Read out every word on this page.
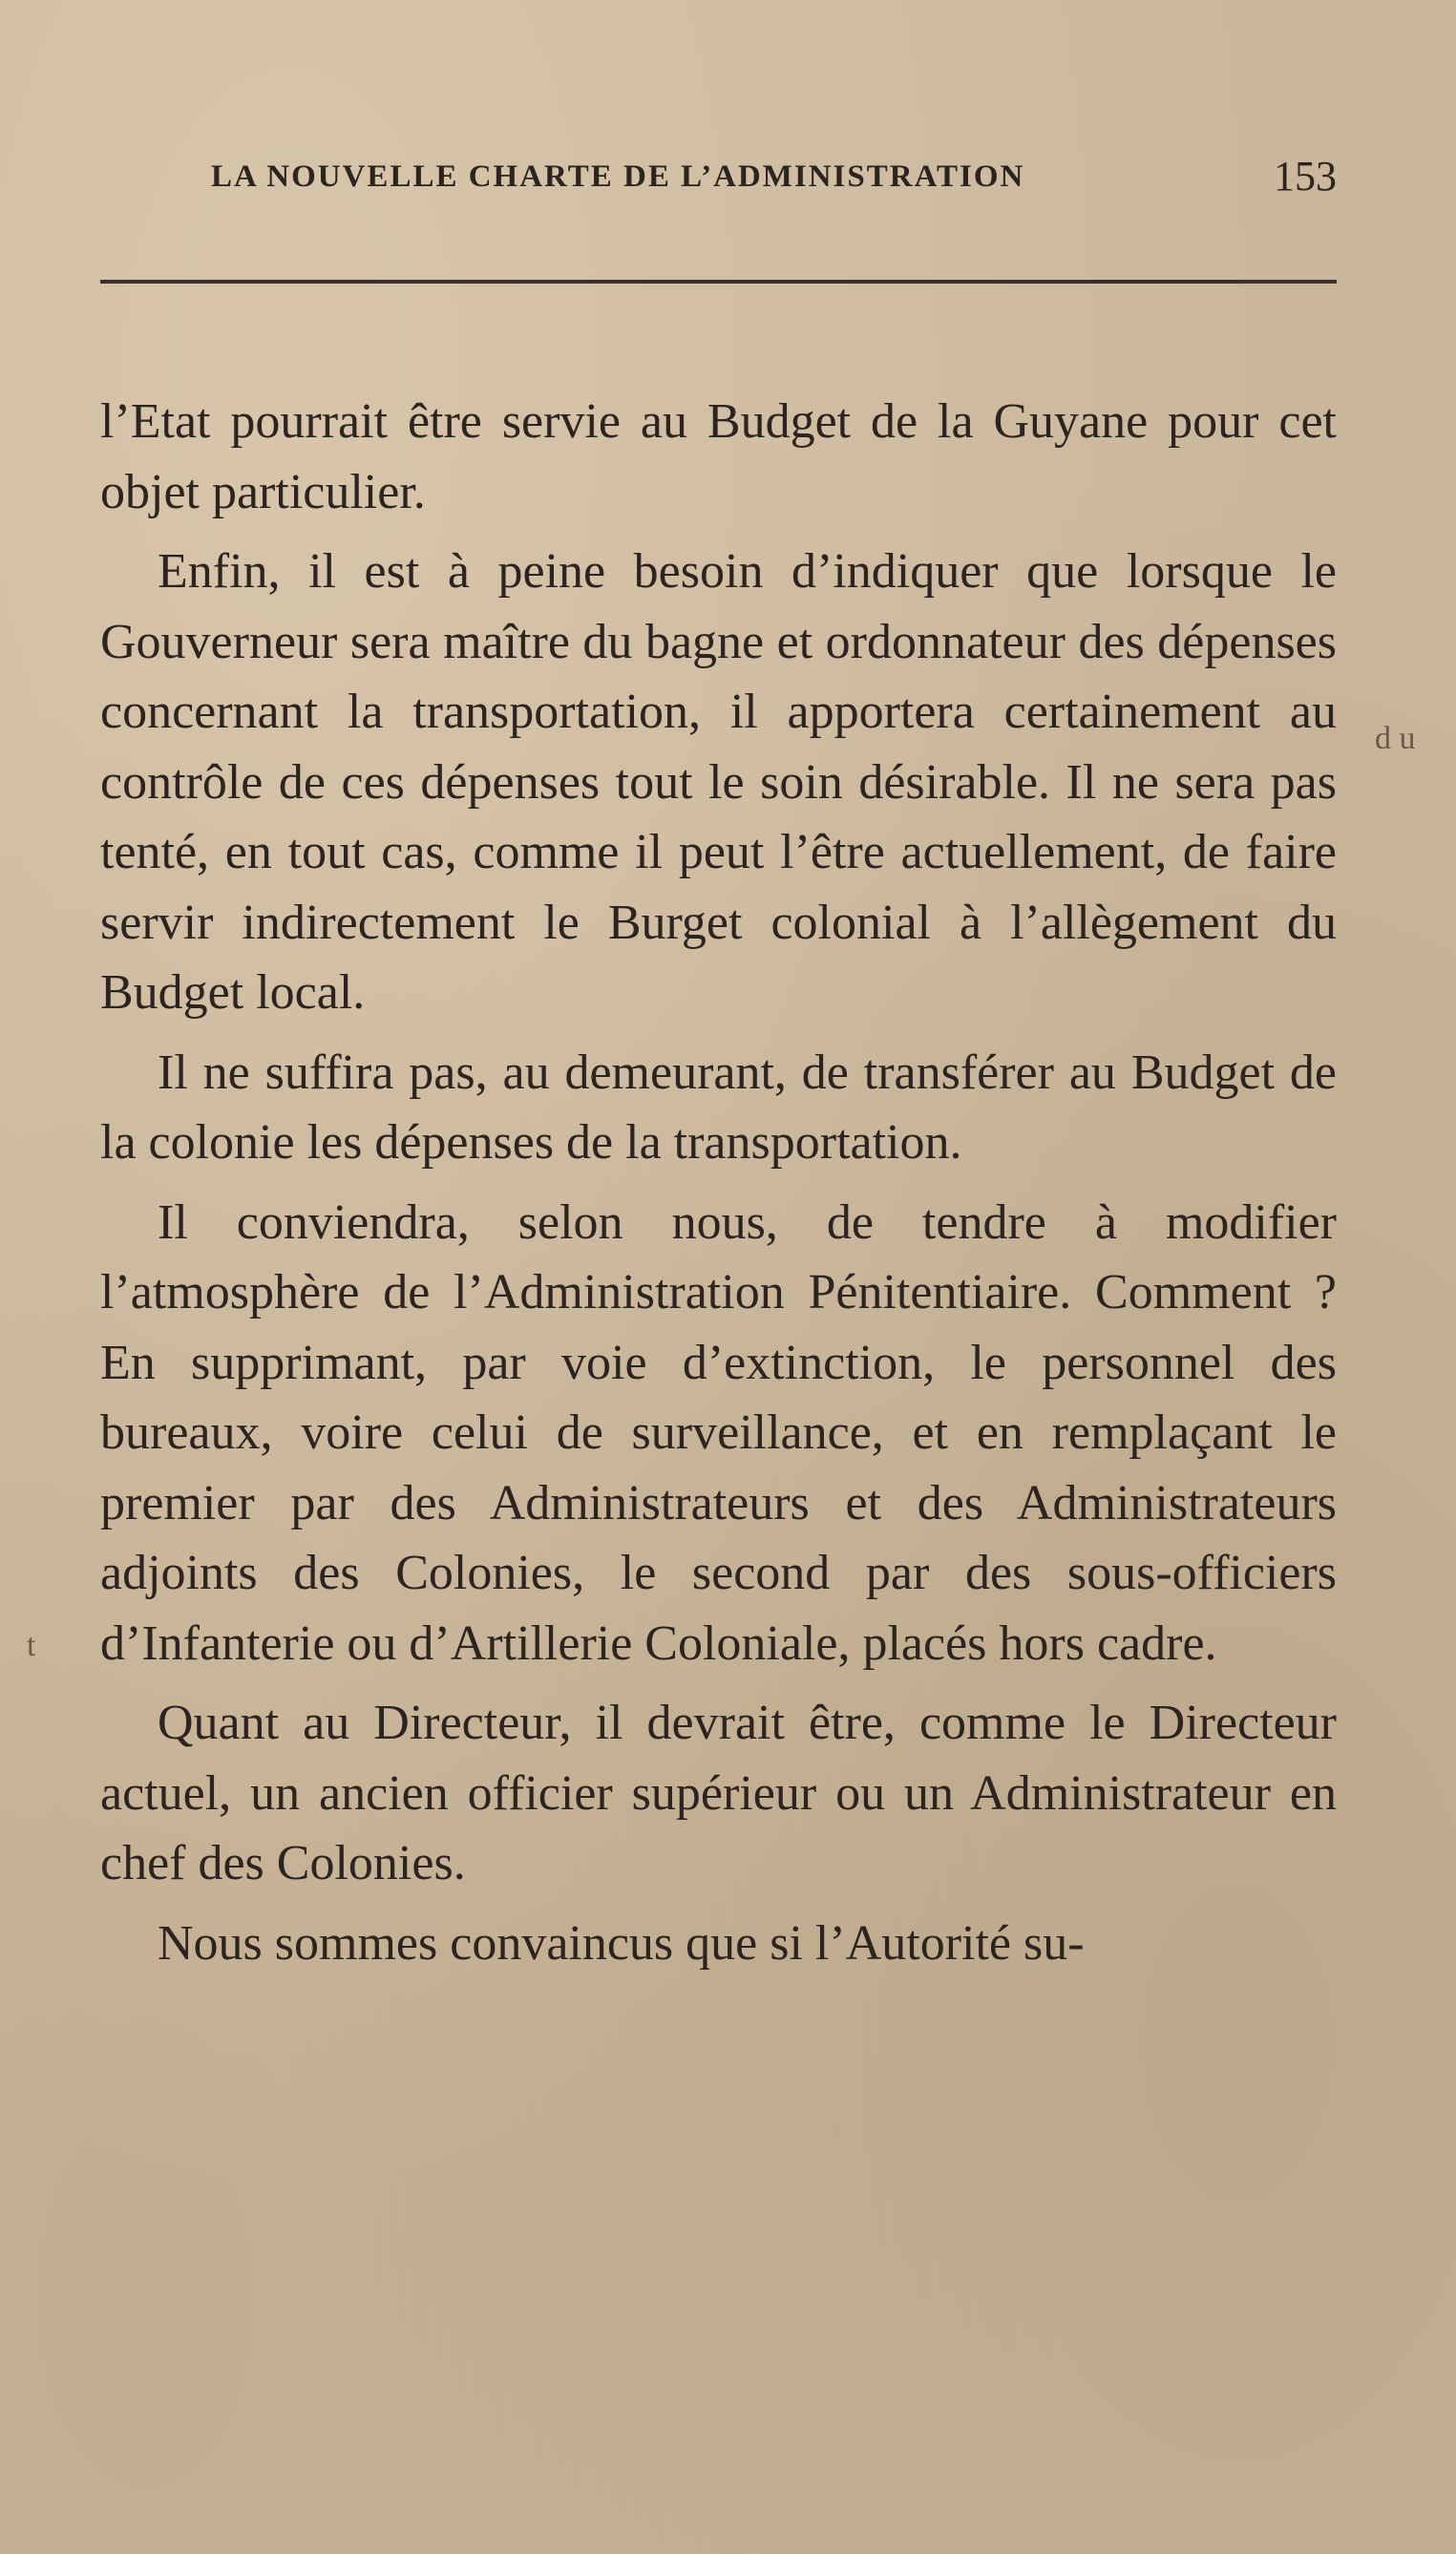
LA NOUVELLE CHARTE DE L’ADMINISTRATION	153

l’Etat pourrait être servie au Budget de la Guyane pour cet objet particulier.

Enfin, il est à peine besoin d’indiquer que lorsque le Gouverneur sera maître du bagne et ordonnateur des dépenses concernant la transportation, il apportera certainement au contrôle de ces dépenses tout le soin désirable. Il ne sera pas tenté, en tout cas, comme il peut l’être actuellement, de faire servir indirectement le Burget colonial à l’allègement du Budget local.

Il ne suffira pas, au demeurant, de transférer au Budget de la colonie les dépenses de la transportation.

Il conviendra, selon nous, de tendre à modifier l’atmosphère de l’Administration Pénitentiaire. Comment ? En supprimant, par voie d’extinction, le personnel des bureaux, voire celui de surveillance, et en remplaçant le premier par des Administrateurs et des Administrateurs adjoints des Colonies, le second par des sous-officiers d’Infanterie ou d’Artillerie Coloniale, placés hors cadre.

Quant au Directeur, il devrait être, comme le Directeur actuel, un ancien officier supérieur ou un Administrateur en chef des Colonies.

Nous sommes convaincus que si l’Autorité su-

d u
t
